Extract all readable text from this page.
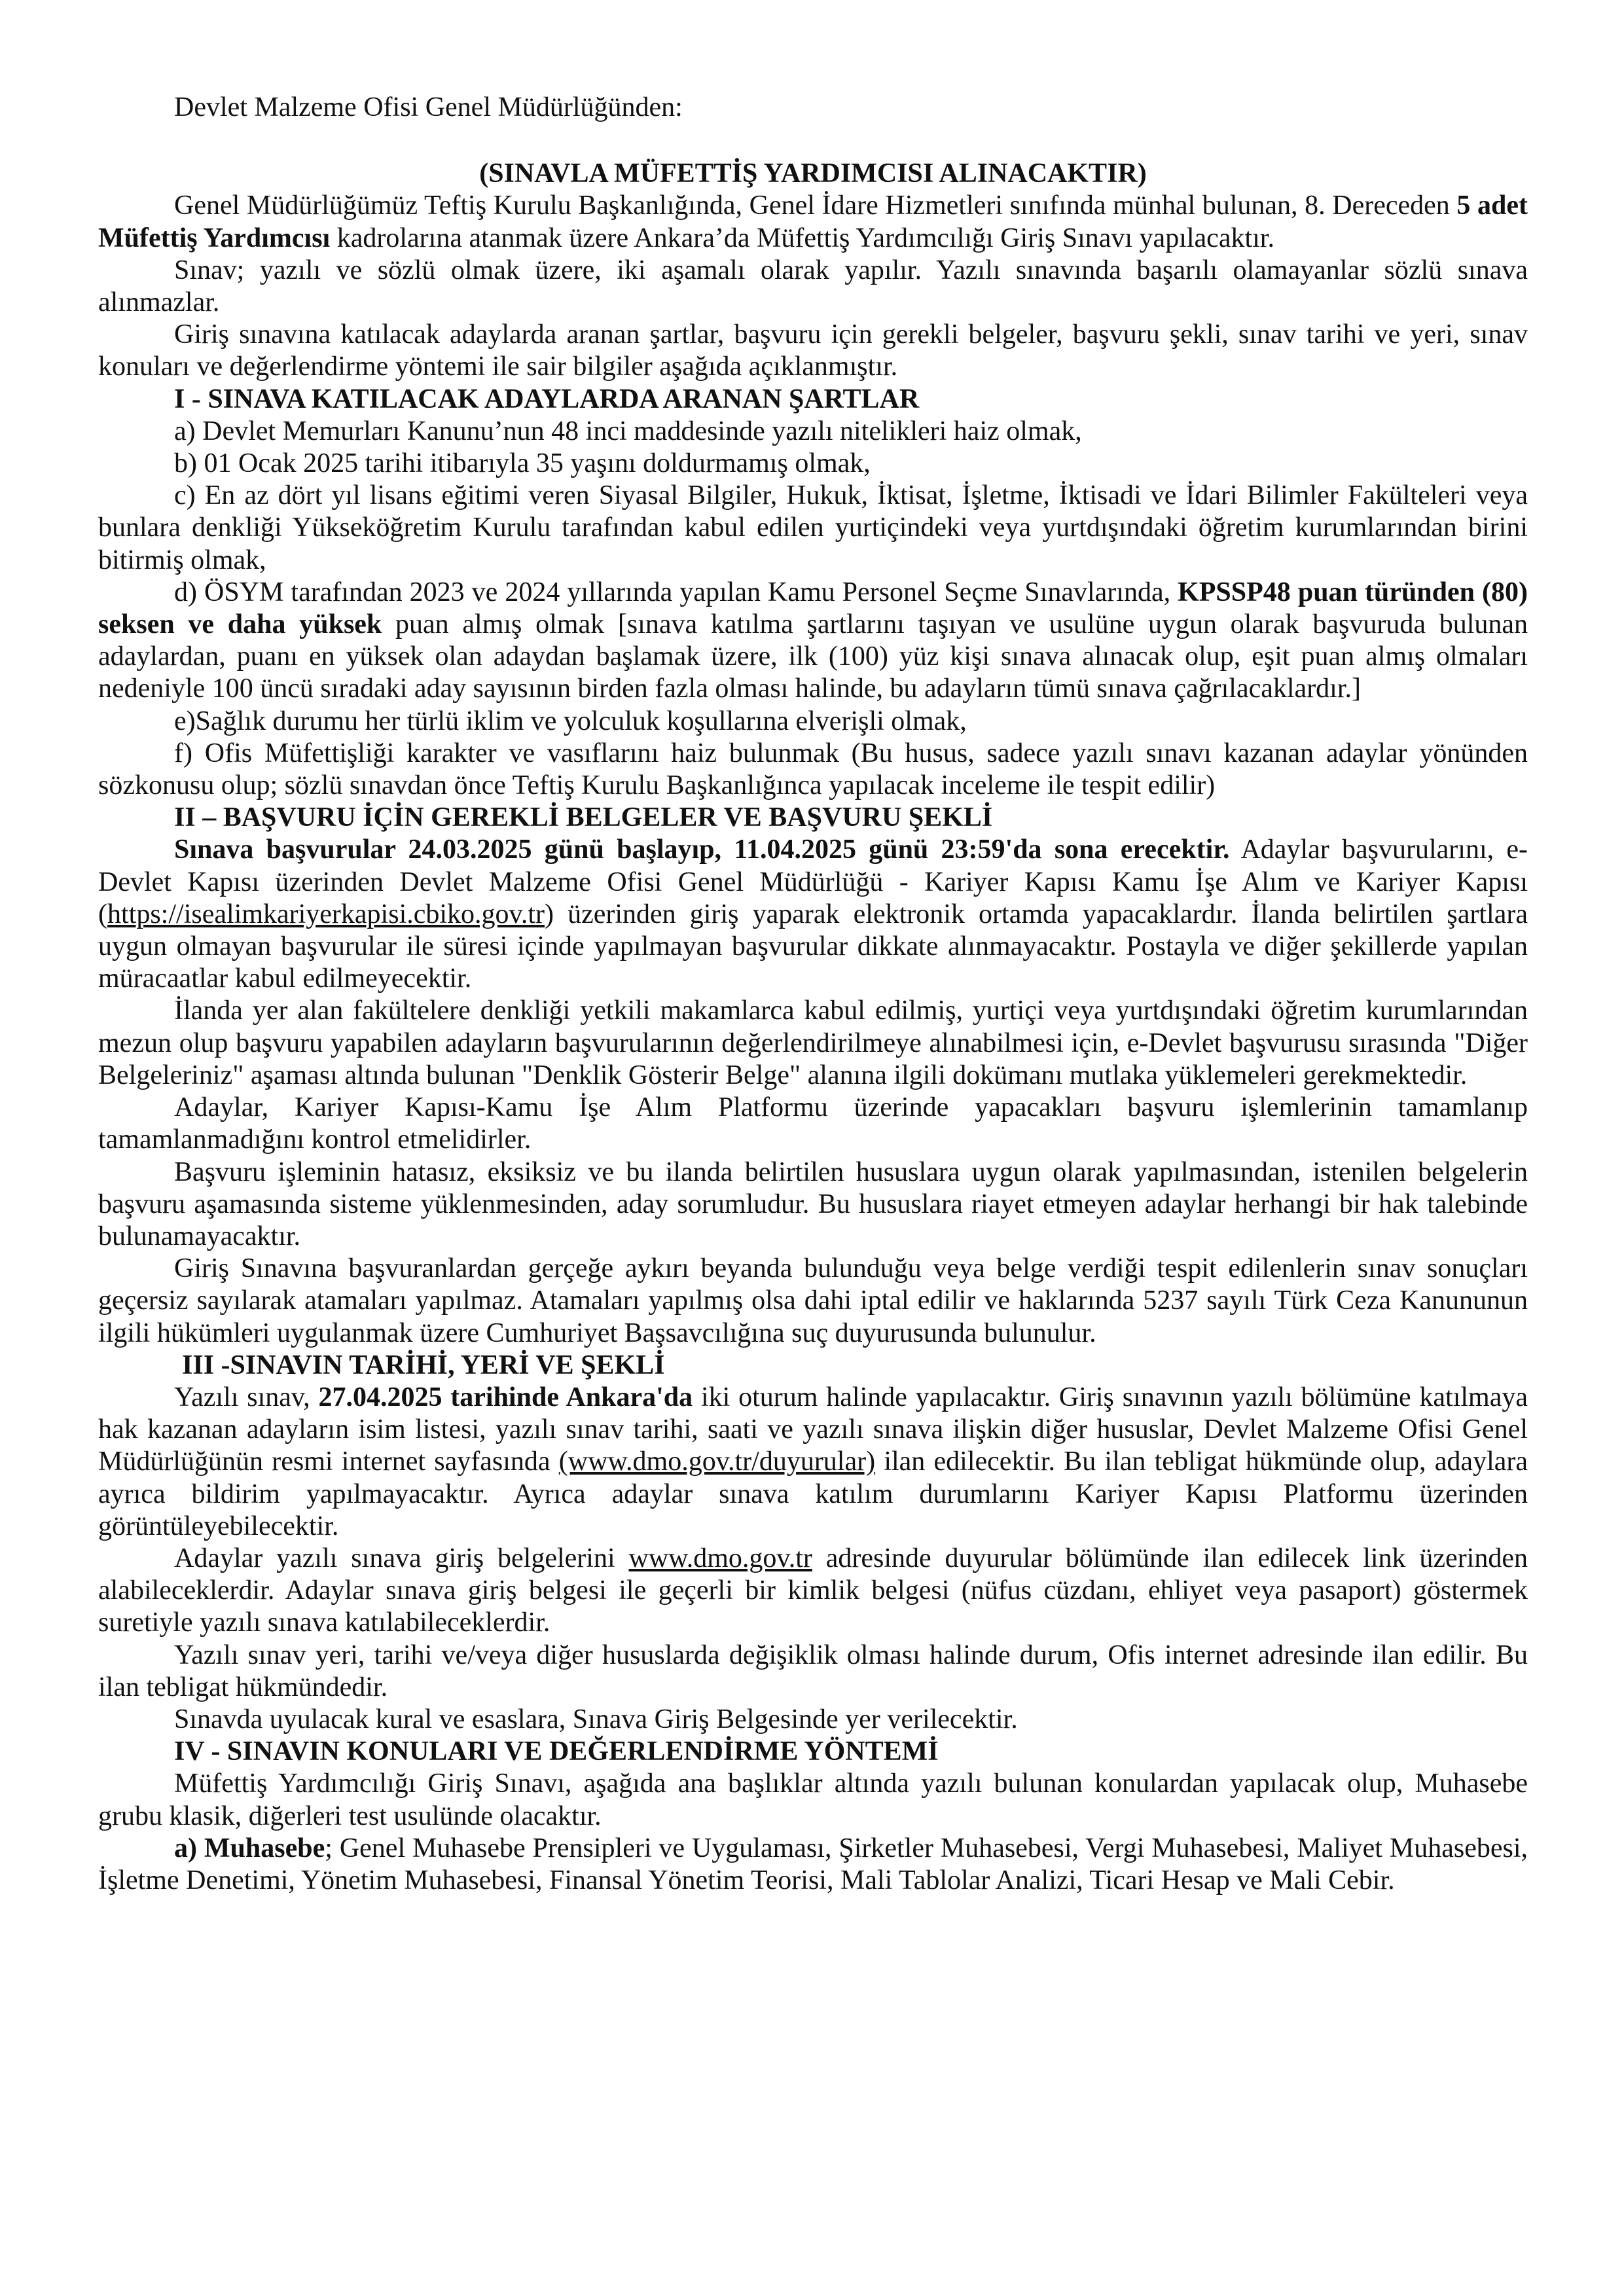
Devlet Malzeme Ofisi Genel Müdürlüğünden:

(SINAVLA MÜFETTİŞ YARDIMCISI ALINACAKTIR)

Genel Müdürlüğümüz Teftiş Kurulu Başkanlığında, Genel İdare Hizmetleri sınıfında münhal bulunan, 8. Dereceden 5 adet Müfettiş Yardımcısı kadrolarına atanmak üzere Ankara’da Müfettiş Yardımcılığı Giriş Sınavı yapılacaktır.

Sınav; yazılı ve sözlü olmak üzere, iki aşamalı olarak yapılır. Yazılı sınavında başarılı olamayanlar sözlü sınava alınmazlar.

Giriş sınavına katılacak adaylarda aranan şartlar, başvuru için gerekli belgeler, başvuru şekli, sınav tarihi ve yeri, sınav konuları ve değerlendirme yöntemi ile sair bilgiler aşağıda açıklanmıştır.

I - SINAVA KATILACAK ADAYLARDA ARANAN ŞARTLAR

a) Devlet Memurları Kanunu’nun 48 inci maddesinde yazılı nitelikleri haiz olmak,

b) 01 Ocak 2025 tarihi itibarıyla 35 yaşını doldurmamış olmak,

c) En az dört yıl lisans eğitimi veren Siyasal Bilgiler, Hukuk, İktisat, İşletme, İktisadi ve İdari Bilimler Fakülteleri veya bunlara denkliği Yükseköğretim Kurulu tarafından kabul edilen yurtiçindeki veya yurtdışındaki öğretim kurumlarından birini bitirmiş olmak,

d) ÖSYM tarafından 2023 ve 2024 yıllarında yapılan Kamu Personel Seçme Sınavlarında, KPSSP48 puan türünden (80) seksen ve daha yüksek puan almış olmak [sınava katılma şartlarını taşıyan ve usulüne uygun olarak başvuruda bulunan adaylardan, puanı en yüksek olan adaydan başlamak üzere, ilk (100) yüz kişi sınava alınacak olup, eşit puan almış olmaları nedeniyle 100 üncü sıradaki aday sayısının birden fazla olması halinde, bu adayların tümü sınava çağrılacaklardır.]

e)Sağlık durumu her türlü iklim ve yolculuk koşullarına elverişli olmak,

f) Ofis Müfettişliği karakter ve vasıflarını haiz bulunmak (Bu husus, sadece yazılı sınavı kazanan adaylar yönünden sözkonusu olup; sözlü sınavdan önce Teftiş Kurulu Başkanlığınca yapılacak inceleme ile tespit edilir)

II – BAŞVURU İÇİN GEREKLİ BELGELER VE BAŞVURU ŞEKLİ

Sınava başvurular 24.03.2025 günü başlayıp, 11.04.2025 günü 23:59'da sona erecektir. Adaylar başvurularını, e-Devlet Kapısı üzerinden Devlet Malzeme Ofisi Genel Müdürlüğü - Kariyer Kapısı Kamu İşe Alım ve Kariyer Kapısı (https://isealimkariyerkapisi.cbiko.gov.tr) üzerinden giriş yaparak elektronik ortamda yapacaklardır. İlanda belirtilen şartlara uygun olmayan başvurular ile süresi içinde yapılmayan başvurular dikkate alınmayacaktır. Postayla ve diğer şekillerde yapılan müracaatlar kabul edilmeyecektir.

İlanda yer alan fakültelere denkliği yetkili makamlarca kabul edilmiş, yurtiçi veya yurtdışındaki öğretim kurumlarından mezun olup başvuru yapabilen adayların başvurularının değerlendirilmeye alınabilmesi için, e-Devlet başvurusu sırasında "Diğer Belgeleriniz" aşaması altında bulunan "Denklik Gösterir Belge" alanına ilgili dokümanı mutlaka yüklemeleri gerekmektedir.

Adaylar, Kariyer Kapısı-Kamu İşe Alım Platformu üzerinde yapacakları başvuru işlemlerinin tamamlanıp tamamlanmadığını kontrol etmelidirler.

Başvuru işleminin hatasız, eksiksiz ve bu ilanda belirtilen hususlara uygun olarak yapılmasından, istenilen belgelerin başvuru aşamasında sisteme yüklenmesinden, aday sorumludur. Bu hususlara riayet etmeyen adaylar herhangi bir hak talebinde bulunamayacaktır.

Giriş Sınavına başvuranlardan gerçeğe aykırı beyanda bulunduğu veya belge verdiği tespit edilenlerin sınav sonuçları geçersiz sayılarak atamaları yapılmaz. Atamaları yapılmış olsa dahi iptal edilir ve haklarında 5237 sayılı Türk Ceza Kanununun ilgili hükümleri uygulanmak üzere Cumhuriyet Başsavcılığına suç duyurusunda bulunulur.

III -SINAVIN TARİHİ, YERİ VE ŞEKLİ

Yazılı sınav, 27.04.2025 tarihinde Ankara'da iki oturum halinde yapılacaktır. Giriş sınavının yazılı bölümüne katılmaya hak kazanan adayların isim listesi, yazılı sınav tarihi, saati ve yazılı sınava ilişkin diğer hususlar, Devlet Malzeme Ofisi Genel Müdürlüğünün resmi internet sayfasında (www.dmo.gov.tr/duyurular) ilan edilecektir. Bu ilan tebligat hükmünde olup, adaylara ayrıca bildirim yapılmayacaktır. Ayrıca adaylar sınava katılım durumlarını Kariyer Kapısı Platformu üzerinden görüntüleyebilecektir.

Adaylar yazılı sınava giriş belgelerini www.dmo.gov.tr adresinde duyurular bölümünde ilan edilecek link üzerinden alabileceklerdir. Adaylar sınava giriş belgesi ile geçerli bir kimlik belgesi (nüfus cüzdanı, ehliyet veya pasaport) göstermek suretiyle yazılı sınava katılabileceklerdir.

Yazılı sınav yeri, tarihi ve/veya diğer hususlarda değişiklik olması halinde durum, Ofis internet adresinde ilan edilir. Bu ilan tebligat hükmündedir.

Sınavda uyulacak kural ve esaslara, Sınava Giriş Belgesinde yer verilecektir.

IV - SINAVIN KONULARI VE DEĞERLENDİRME YÖNTEMİ

Müfettiş Yardımcılığı Giriş Sınavı, aşağıda ana başlıklar altında yazılı bulunan konulardan yapılacak olup, Muhasebe grubu klasik, diğerleri test usulünde olacaktır.

a) Muhasebe; Genel Muhasebe Prensipleri ve Uygulaması, Şirketler Muhasebesi, Vergi Muhasebesi, Maliyet Muhasebesi, İşletme Denetimi, Yönetim Muhasebesi, Finansal Yönetim Teorisi, Mali Tablolar Analizi, Ticari Hesap ve Mali Cebir.
